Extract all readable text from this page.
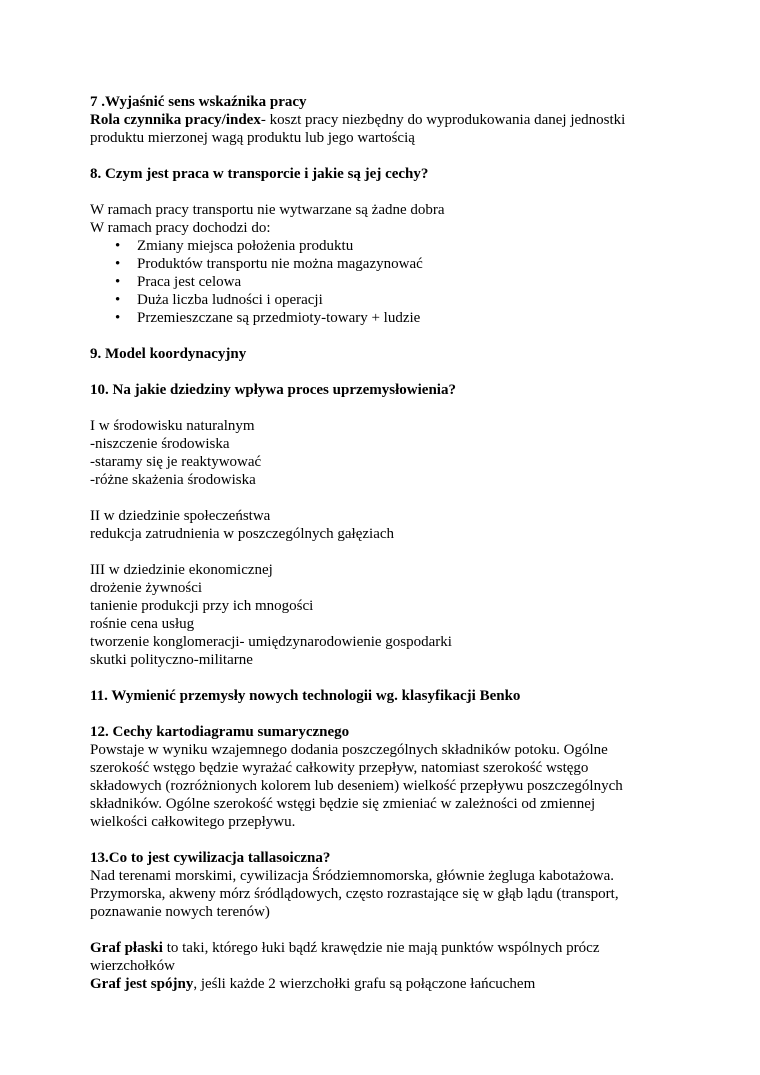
7 .Wyjaśnić sens wskaźnika pracy

Rola czynnika pracy/index- koszt pracy niezbędny do wyprodukowania danej jednostki

produktu mierzonej wagą produktu lub jego wartością

8. Czym jest praca w transporcie i jakie są jej cechy?

W ramach pracy transportu nie wytwarzane są żadne dobra

W ramach pracy dochodzi do:

• Zmiany miejsca położenia produktu
• Produktów transportu nie można magazynować
• Praca jest celowa
• Duża liczba ludności i operacji
• Przemieszczane są przedmioty-towary + ludzie

9. Model koordynacyjny

10. Na jakie dziedziny wpływa proces uprzemysłowienia?

I w środowisku naturalnym

-niszczenie środowiska

-staramy się je reaktywować

-różne skażenia środowiska

II w dziedzinie społeczeństwa

redukcja zatrudnienia w poszczególnych gałęziach

III w dziedzinie ekonomicznej

drożenie żywności

tanienie produkcji przy ich mnogości

rośnie cena usług

tworzenie konglomeracji- umiędzynarodowienie gospodarki

skutki polityczno-militarne

11. Wymienić przemysły nowych technologii wg. klasyfikacji Benko

12. Cechy kartodiagramu sumarycznego

Powstaje w wyniku wzajemnego dodania poszczególnych składników potoku. Ogólne

szerokość wstęgo będzie wyrażać całkowity przepływ, natomiast szerokość wstęgo

składowych (rozróżnionych kolorem lub deseniem) wielkość przepływu poszczególnych

składników. Ogólne szerokość wstęgi będzie się zmieniać w zależności od zmiennej

wielkości całkowitego przepływu.

13.Co to jest cywilizacja tallasoiczna?

Nad terenami morskimi, cywilizacja Śródziemnomorska, głównie żegluga kabotażowa.

Przymorska, akweny mórz śródlądowych, często rozrastające się w głąb lądu (transport,

poznawanie nowych terenów)

Graf płaski to taki, którego łuki bądź krawędzie nie mają punktów wspólnych prócz

wierzchołków

Graf jest spójny, jeśli każde 2 wierzchołki grafu są połączone łańcuchem
